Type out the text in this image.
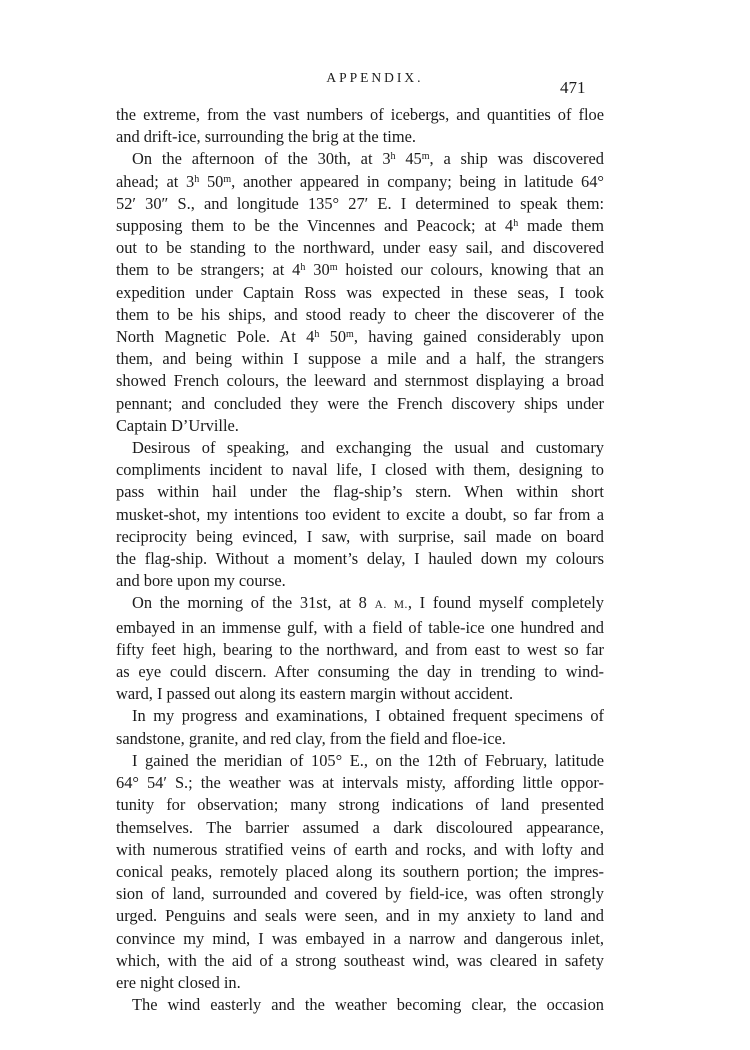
APPENDIX.
471
the extreme, from the vast numbers of icebergs, and quantities of floe
and drift-ice, surrounding the brig at the time.
On the afternoon of the 30th, at 3$^h$ 45$^m$, a ship was discovered
ahead; at 3$^h$ 50$^m$, another appeared in company; being in latitude 64°
52′ 30″ S., and longitude 135° 27′ E. I determined to speak them:
supposing them to be the Vincennes and Peacock; at 4$^h$ made them
out to be standing to the northward, under easy sail, and discovered
them to be strangers; at 4$^h$ 30$^m$ hoisted our colours, knowing that an
expedition under Captain Ross was expected in these seas, I took
them to be his ships, and stood ready to cheer the discoverer of the
North Magnetic Pole. At 4$^h$ 50$^m$, having gained considerably upon
them, and being within I suppose a mile and a half, the strangers
showed French colours, the leeward and sternmost displaying a broad
pennant; and concluded they were the French discovery ships under
Captain D’Urville.
Desirous of speaking, and exchanging the usual and customary
compliments incident to naval life, I closed with them, designing to
pass within hail under the flag-ship’s stern. When within short
musket-shot, my intentions too evident to excite a doubt, so far from a
reciprocity being evinced, I saw, with surprise, sail made on board
the flag-ship. Without a moment’s delay, I hauled down my colours
and bore upon my course.
On the morning of the 31st, at 8 A. M., I found myself completely
embayed in an immense gulf, with a field of table-ice one hundred and
fifty feet high, bearing to the northward, and from east to west so far
as eye could discern. After consuming the day in trending to wind-
ward, I passed out along its eastern margin without accident.
In my progress and examinations, I obtained frequent specimens of
sandstone, granite, and red clay, from the field and floe-ice.
I gained the meridian of 105° E., on the 12th of February, latitude
64° 54′ S.; the weather was at intervals misty, affording little oppor-
tunity for observation; many strong indications of land presented
themselves. The barrier assumed a dark discoloured appearance,
with numerous stratified veins of earth and rocks, and with lofty and
conical peaks, remotely placed along its southern portion; the impres-
sion of land, surrounded and covered by field-ice, was often strongly
urged. Penguins and seals were seen, and in my anxiety to land and
convince my mind, I was embayed in a narrow and dangerous inlet,
which, with the aid of a strong southeast wind, was cleared in safety
ere night closed in.
The wind easterly and the weather becoming clear, the occasion
